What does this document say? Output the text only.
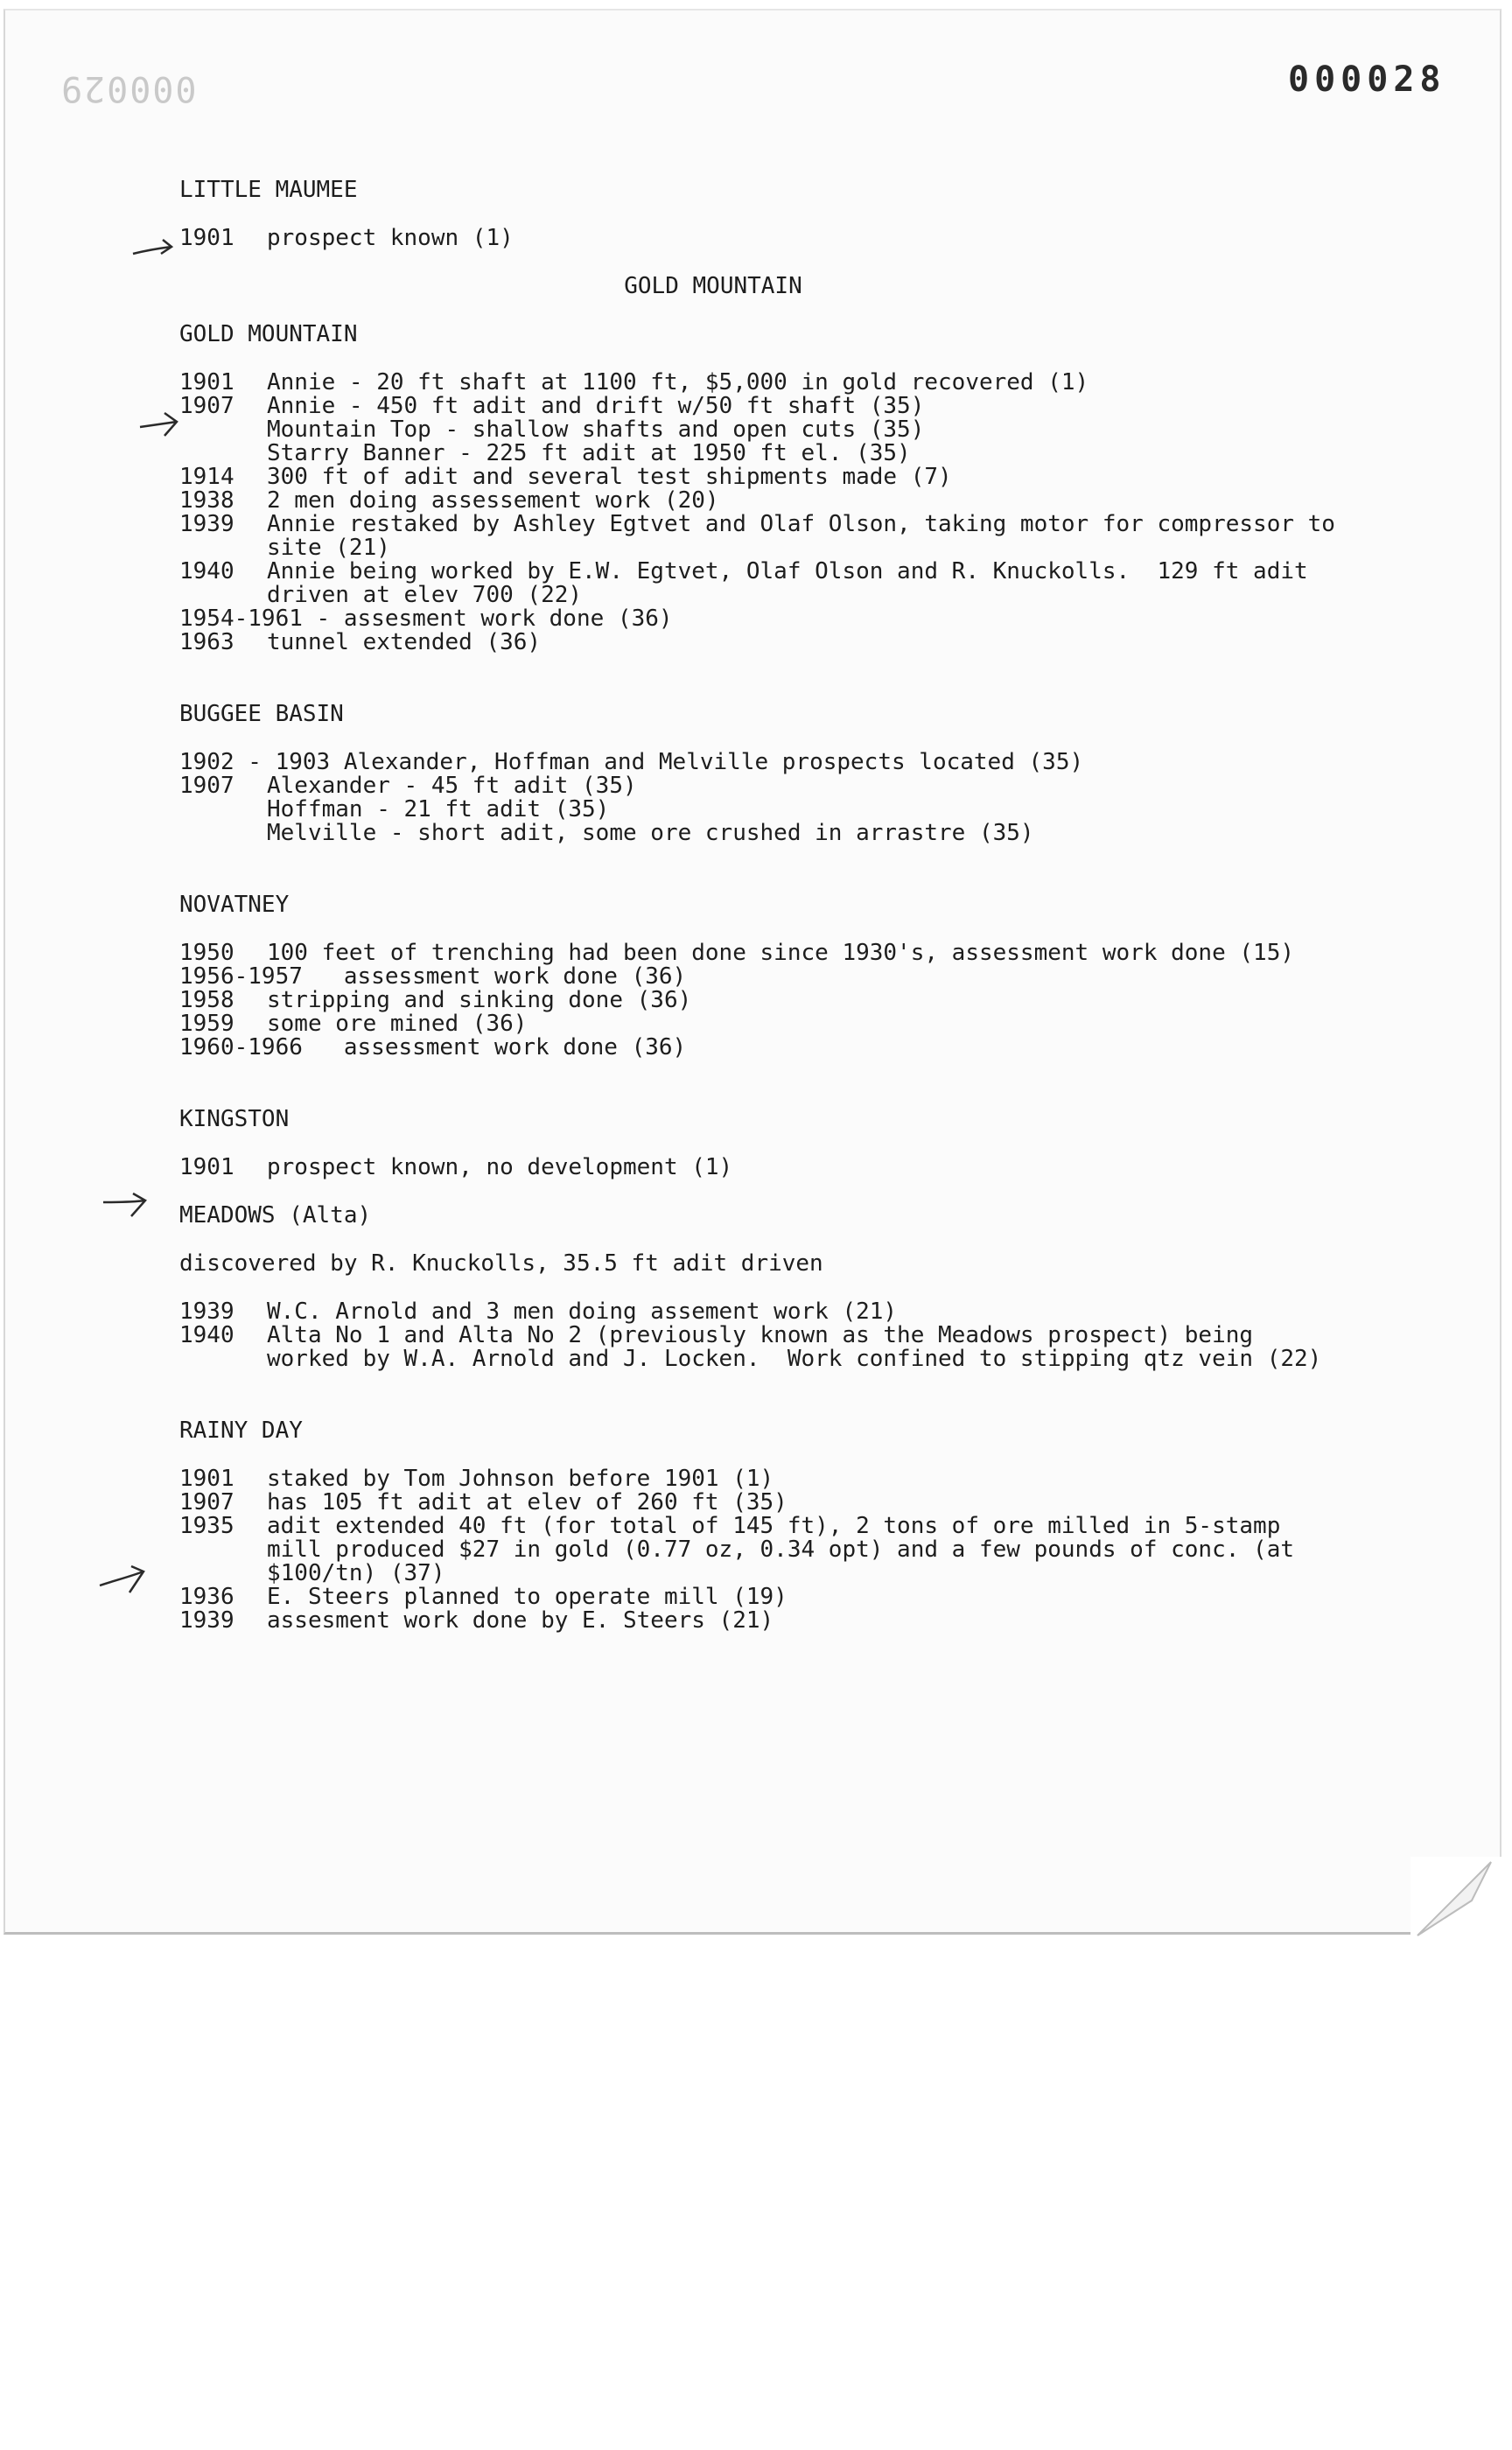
000029	000028
LITTLE MAUMEE
1901	prospect known (1)
GOLD MOUNTAIN
GOLD MOUNTAIN
1901	Annie - 20 ft shaft at 1100 ft, $5,000 in gold recovered (1)
1907	Annie - 450 ft adit and drift w/50 ft shaft (35)
Mountain Top - shallow shafts and open cuts (35)
Starry Banner - 225 ft adit at 1950 ft el. (35)
1914	300 ft of adit and several test shipments made (7)
1938	2 men doing assessement work (20)
1939	Annie restaked by Ashley Egtvet and Olaf Olson, taking motor for compressor to site (21)
1940	Annie being worked by E.W. Egtvet, Olaf Olson and R. Knuckolls.  129 ft adit driven at elev 700 (22)
1954-1961 - assesment work done (36)
1963	tunnel extended (36)
BUGGEE BASIN
1902 - 1903 Alexander, Hoffman and Melville prospects located (35)
1907	Alexander - 45 ft adit (35)
Hoffman - 21 ft adit (35)
Melville - short adit, some ore crushed in arrastre (35)
NOVATNEY
1950	100 feet of trenching had been done since 1930's, assessment work done (15)
1956-1957 assessment work done (36)
1958	stripping and sinking done (36)
1959	some ore mined (36)
1960-1966 assessment work done (36)
KINGSTON
1901	prospect known, no development (1)
MEADOWS (Alta)
discovered by R. Knuckolls, 35.5 ft adit driven
1939	W.C. Arnold and 3 men doing assement work (21)
1940	Alta No 1 and Alta No 2 (previously known as the Meadows prospect) being worked by W.A. Arnold and J. Locken.  Work confined to stipping qtz vein (22)
RAINY DAY
1901	staked by Tom Johnson before 1901 (1)
1907	has 105 ft adit at elev of 260 ft (35)
1935	adit extended 40 ft (for total of 145 ft), 2 tons of ore milled in 5-stamp mill produced $27 in gold (0.77 oz, 0.34 opt) and a few pounds of conc. (at $100/tn) (37)
1936	E. Steers planned to operate mill (19)
1939	assesment work done by E. Steers (21)
